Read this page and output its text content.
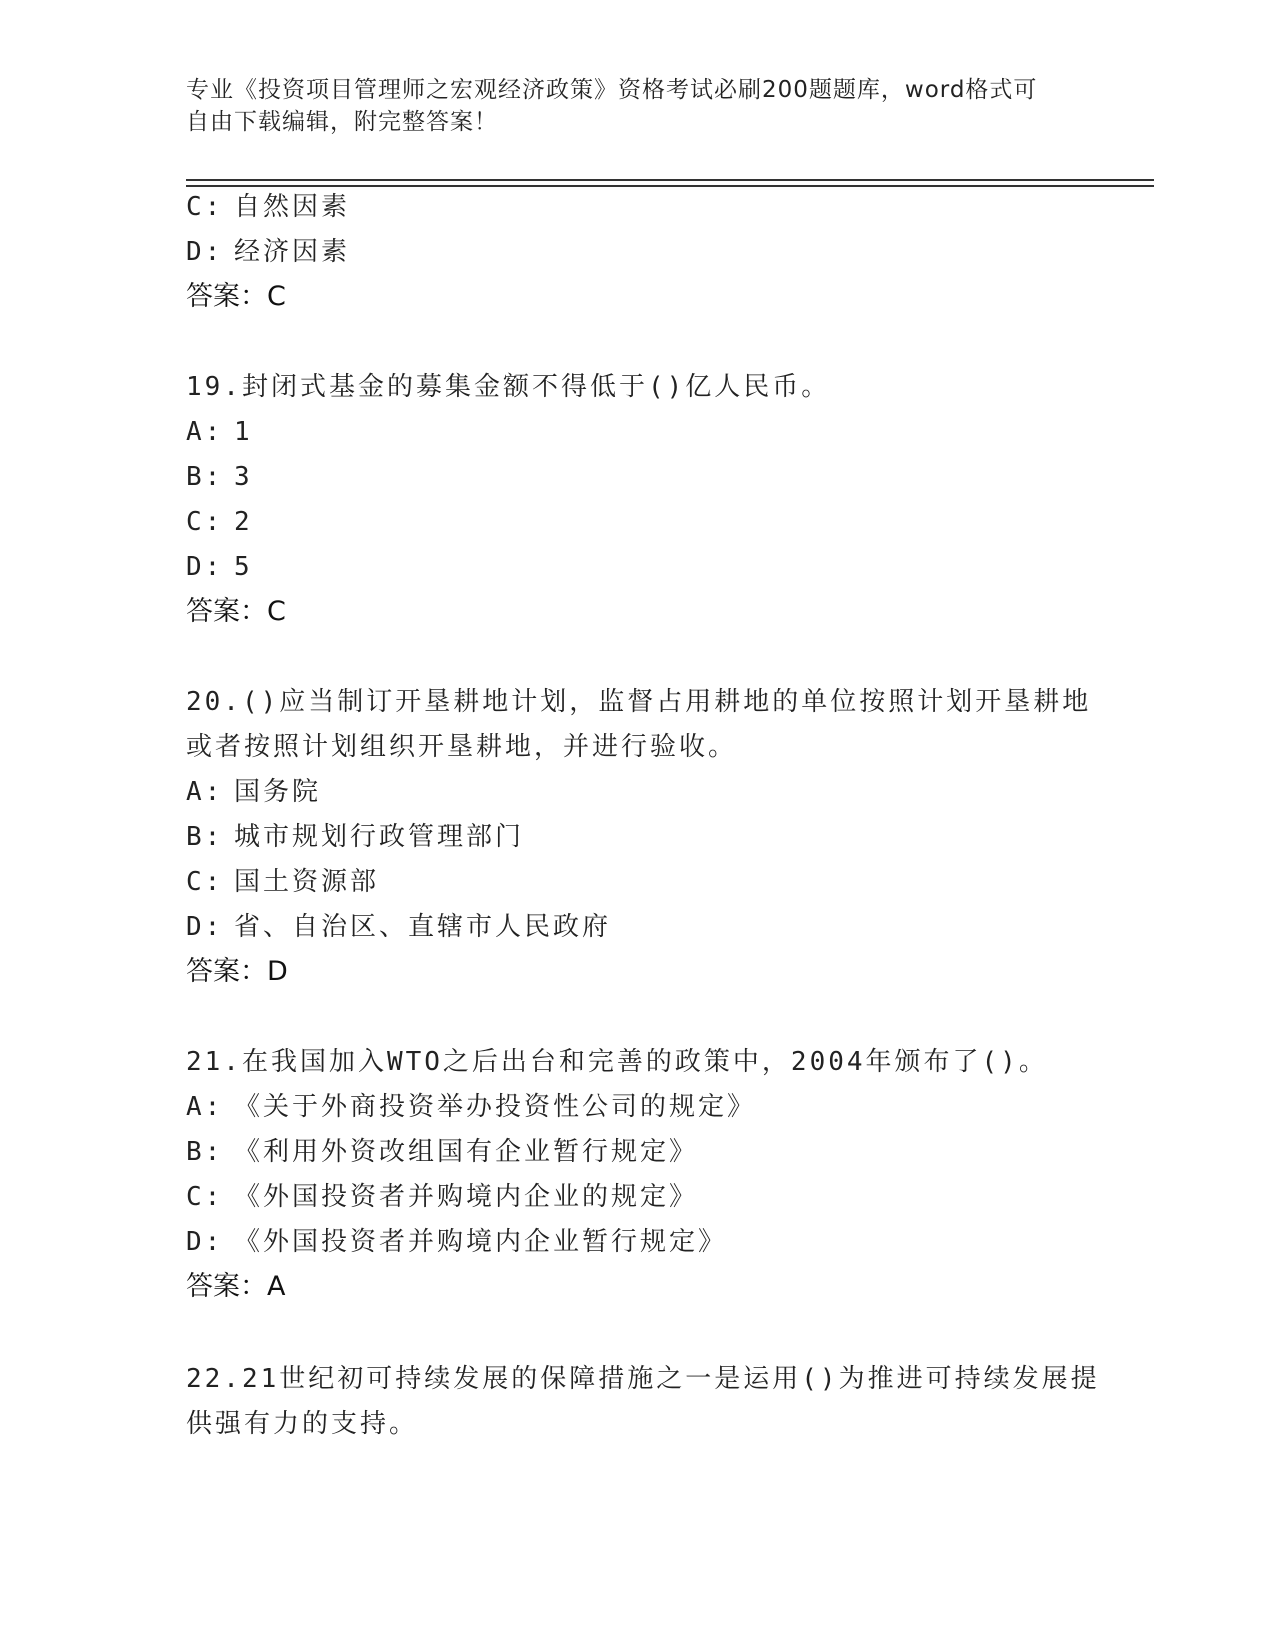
专业《投资项目管理师之宏观经济政策》资格考试必刷200题题库，word格式可
自由下载编辑，附完整答案！
C: 自然因素
D: 经济因素
答案：C
19.封闭式基金的募集金额不得低于()亿人民币。
A: 1
B: 3
C: 2
D: 5
答案：C
20.()应当制订开垦耕地计划，监督占用耕地的单位按照计划开垦耕地
或者按照计划组织开垦耕地，并进行验收。
A: 国务院
B: 城市规划行政管理部门
C: 国土资源部
D: 省、自治区、直辖市人民政府
答案：D
21.在我国加入WTO之后出台和完善的政策中，2004年颁布了()。
A: 《关于外商投资举办投资性公司的规定》
B: 《利用外资改组国有企业暂行规定》
C: 《外国投资者并购境内企业的规定》
D: 《外国投资者并购境内企业暂行规定》
答案：A
22.21世纪初可持续发展的保障措施之一是运用()为推进可持续发展提
供强有力的支持。
